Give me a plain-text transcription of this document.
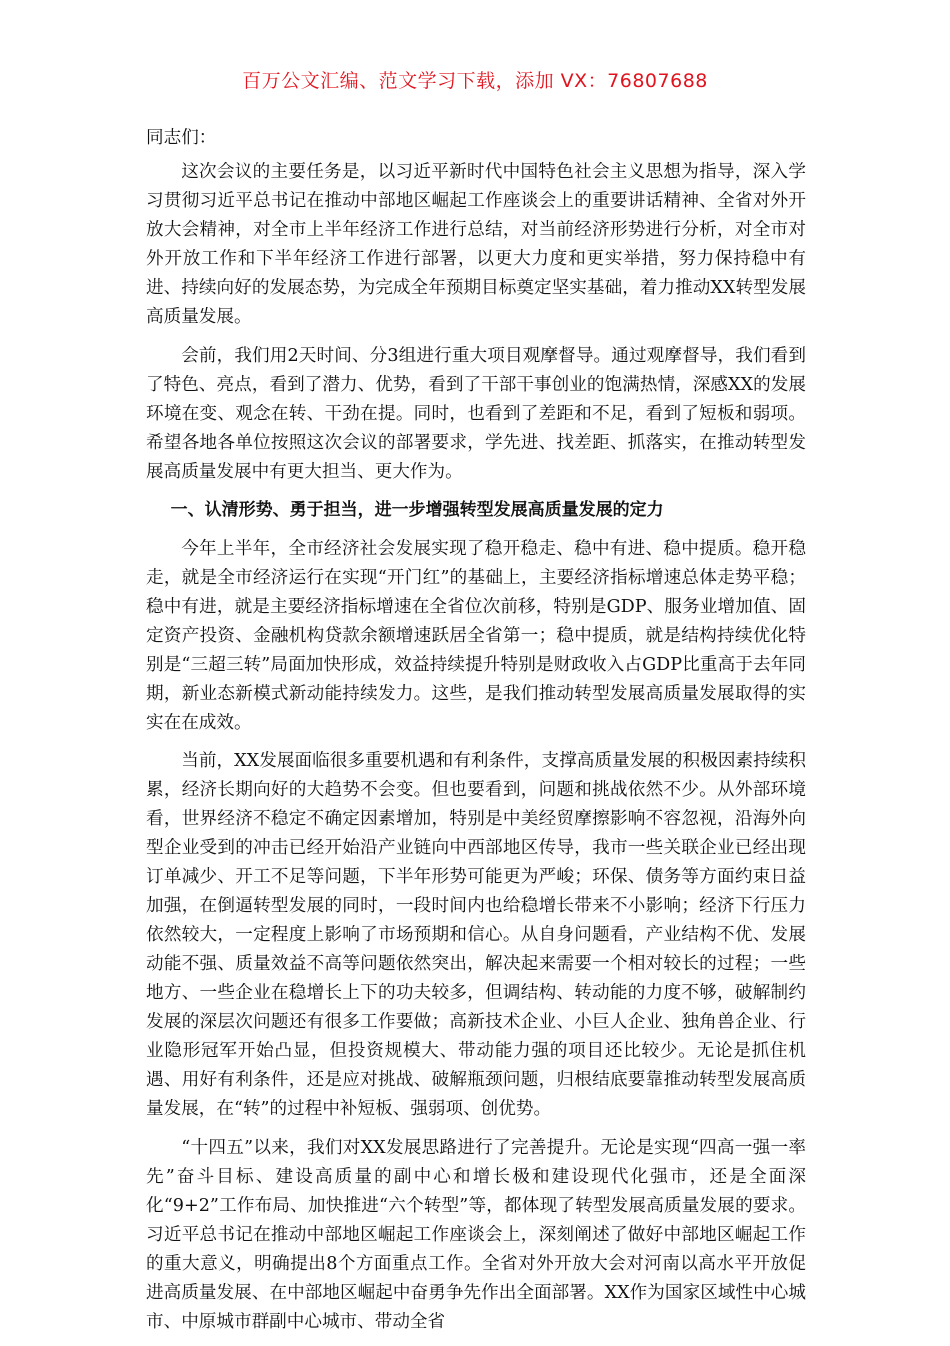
百万公文汇编、范文学习下载，添加 VX：76807688

同志们：

这次会议的主要任务是，以习近平新时代中国特色社会主义思想为指导，深入学习贯彻习近平总书记在推动中部地区崛起工作座谈会上的重要讲话精神、全省对外开放大会精神，对全市上半年经济工作进行总结，对当前经济形势进行分析，对全市对外开放工作和下半年经济工作进行部署，以更大力度和更实举措，努力保持稳中有进、持续向好的发展态势，为完成全年预期目标奠定坚实基础，着力推动XX转型发展高质量发展。

会前，我们用2天时间、分3组进行重大项目观摩督导。通过观摩督导，我们看到了特色、亮点，看到了潜力、优势，看到了干部干事创业的饱满热情，深感XX的发展环境在变、观念在转、干劲在提。同时，也看到了差距和不足，看到了短板和弱项。希望各地各单位按照这次会议的部署要求，学先进、找差距、抓落实，在推动转型发展高质量发展中有更大担当、更大作为。

一、认清形势、勇于担当，进一步增强转型发展高质量发展的定力

今年上半年，全市经济社会发展实现了稳开稳走、稳中有进、稳中提质。稳开稳走，就是全市经济运行在实现“开门红”的基础上，主要经济指标增速总体走势平稳；稳中有进，就是主要经济指标增速在全省位次前移，特别是GDP、服务业增加值、固定资产投资、金融机构贷款余额增速跃居全省第一；稳中提质，就是结构持续优化特别是“三超三转”局面加快形成，效益持续提升特别是财政收入占GDP比重高于去年同期，新业态新模式新动能持续发力。这些，是我们推动转型发展高质量发展取得的实实在在成效。

当前，XX发展面临很多重要机遇和有利条件，支撑高质量发展的积极因素持续积累，经济长期向好的大趋势不会变。但也要看到，问题和挑战依然不少。从外部环境看，世界经济不稳定不确定因素增加，特别是中美经贸摩擦影响不容忽视，沿海外向型企业受到的冲击已经开始沿产业链向中西部地区传导，我市一些关联企业已经出现订单减少、开工不足等问题，下半年形势可能更为严峻；环保、债务等方面约束日益加强，在倒逼转型发展的同时，一段时间内也给稳增长带来不小影响；经济下行压力依然较大，一定程度上影响了市场预期和信心。从自身问题看，产业结构不优、发展动能不强、质量效益不高等问题依然突出，解决起来需要一个相对较长的过程；一些地方、一些企业在稳增长上下的功夫较多，但调结构、转动能的力度不够，破解制约发展的深层次问题还有很多工作要做；高新技术企业、小巨人企业、独角兽企业、行业隐形冠军开始凸显，但投资规模大、带动能力强的项目还比较少。无论是抓住机遇、用好有利条件，还是应对挑战、破解瓶颈问题，归根结底要靠推动转型发展高质量发展，在“转”的过程中补短板、强弱项、创优势。

“十四五”以来，我们对XX发展思路进行了完善提升。无论是实现“四高一强一率先”奋斗目标、建设高质量的副中心和增长极和建设现代化强市，还是全面深化“9+2”工作布局、加快推进“六个转型”等，都体现了转型发展高质量发展的要求。习近平总书记在推动中部地区崛起工作座谈会上，深刻阐述了做好中部地区崛起工作的重大意义，明确提出8个方面重点工作。全省对外开放大会对河南以高水平开放促进高质量发展、在中部地区崛起中奋勇争先作出全面部署。XX作为国家区域性中心城市、中原城市群副中心城市、带动全省
